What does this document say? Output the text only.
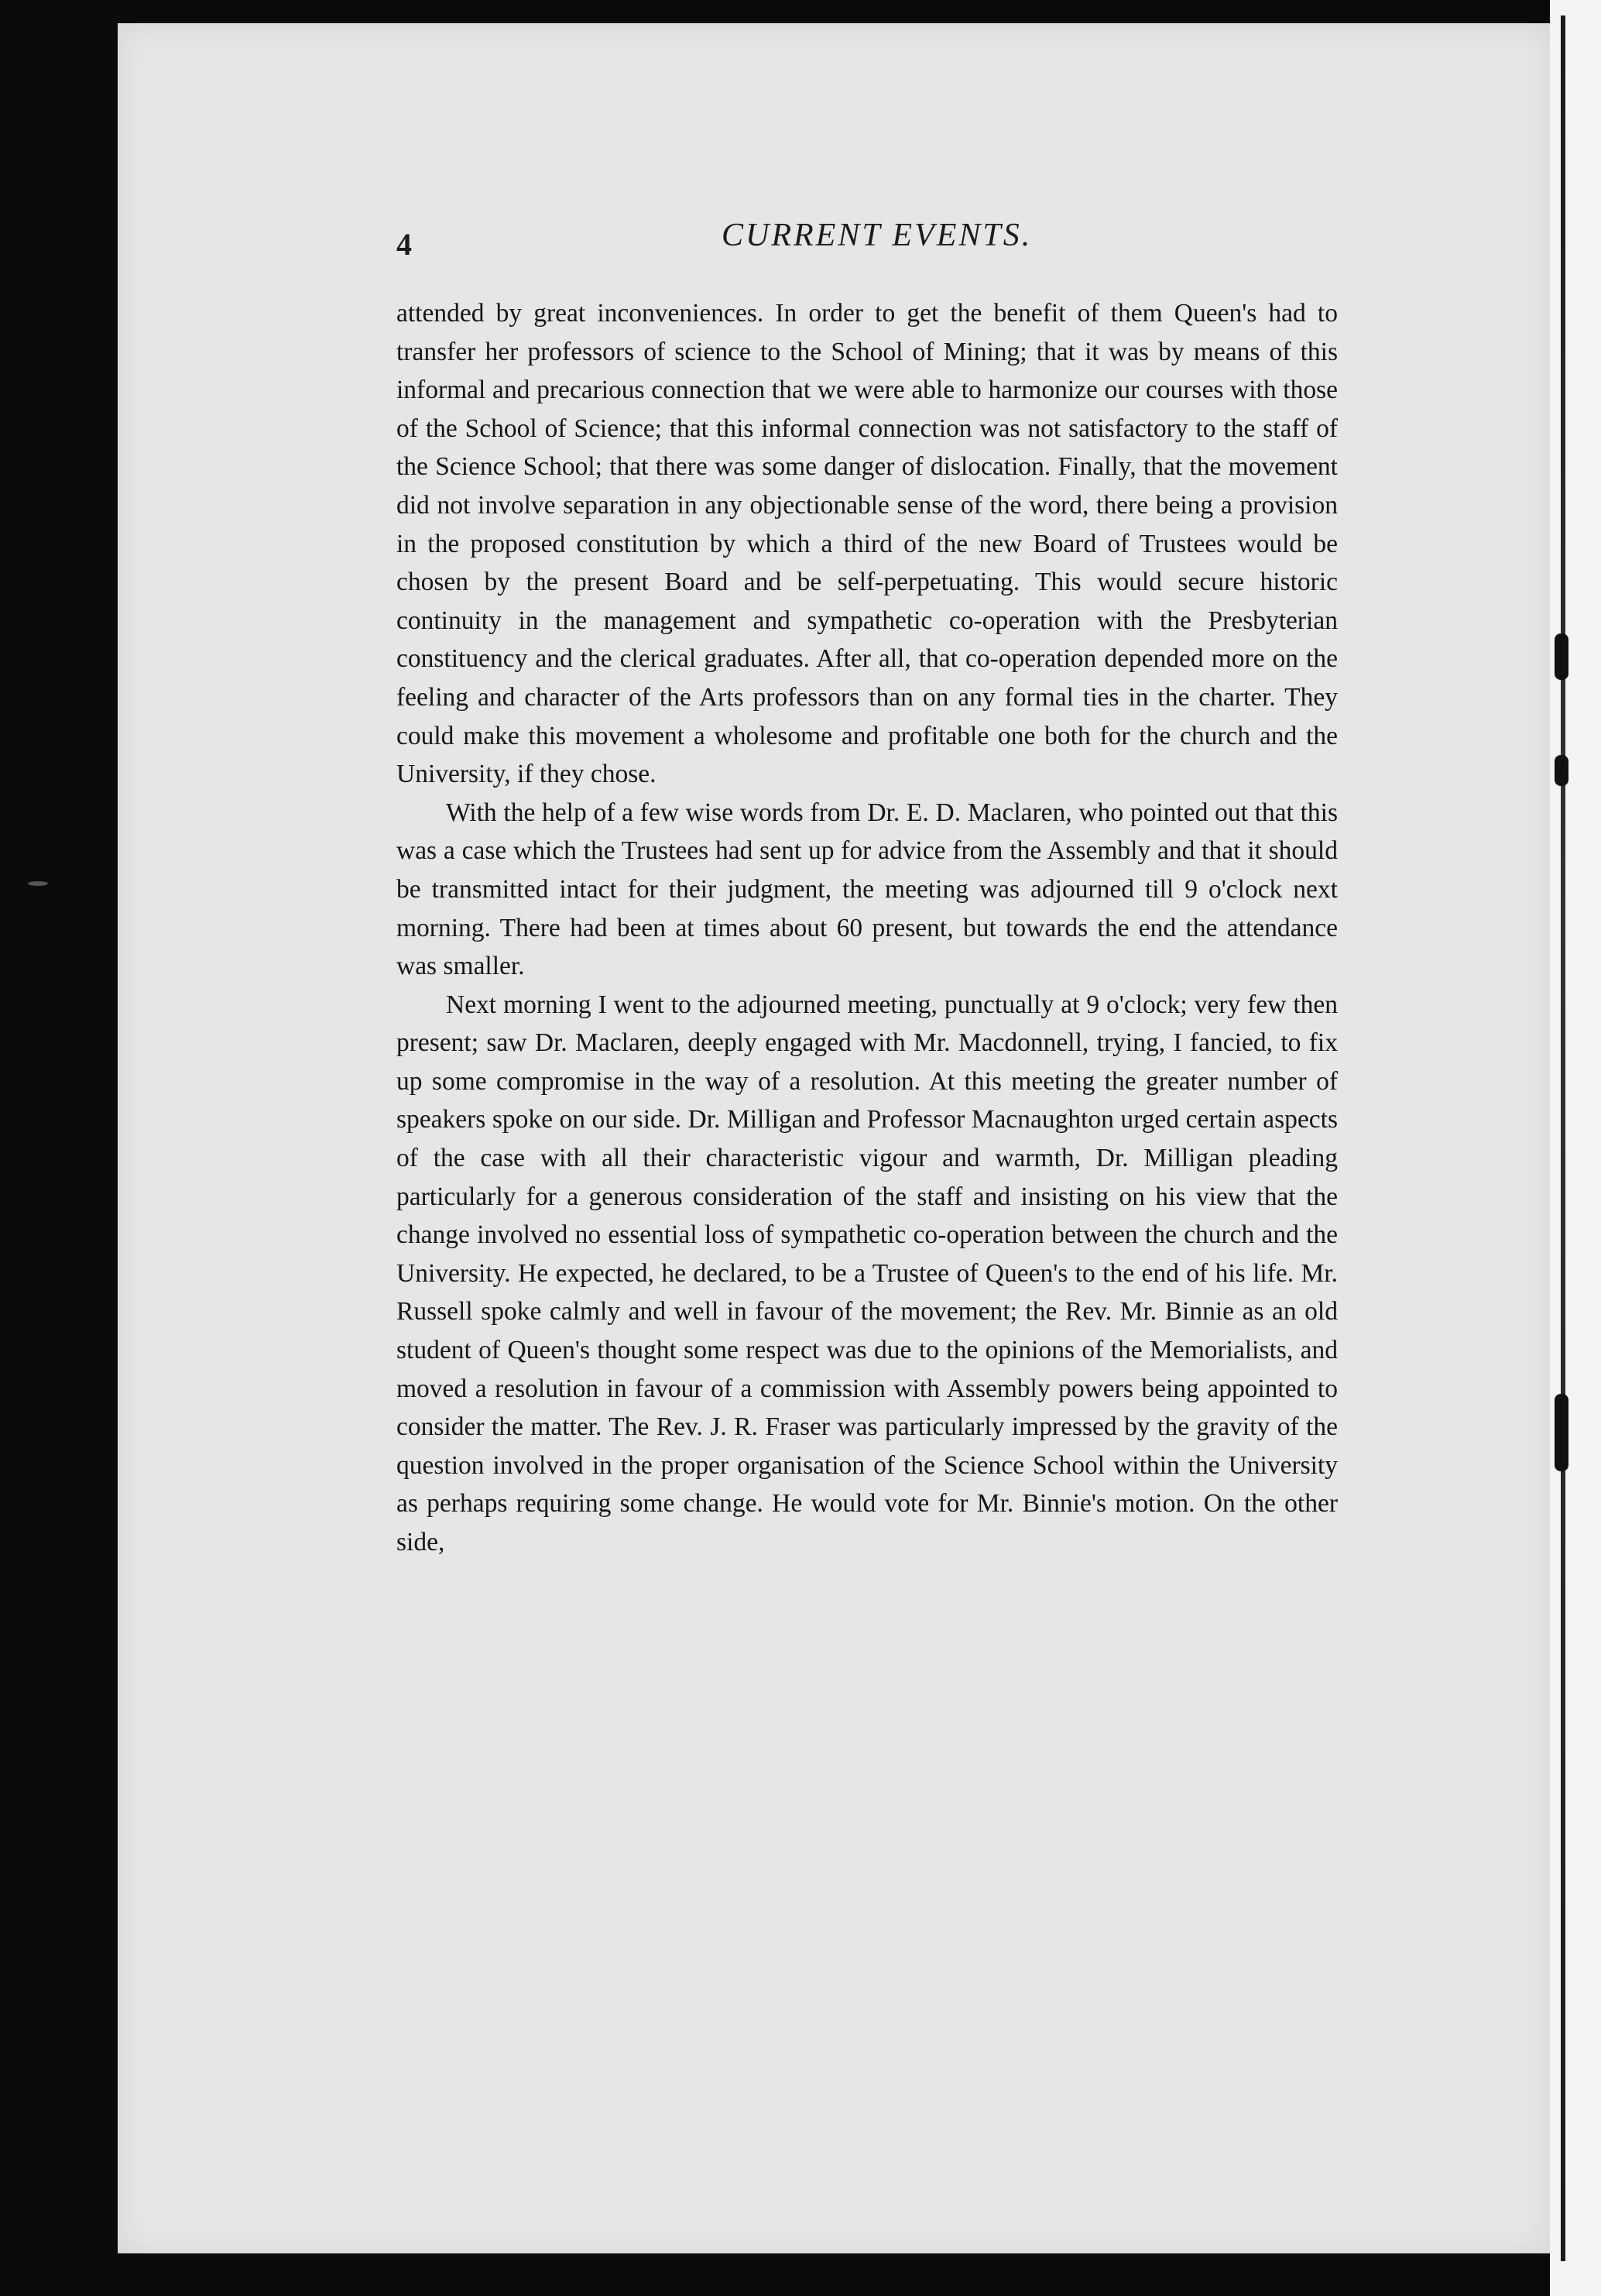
4	CURRENT EVENTS.

attended by great inconveniences. In order to get the benefit of them Queen's had to transfer her professors of science to the School of Mining; that it was by means of this informal and precarious connection that we were able to harmonize our courses with those of the School of Science; that this informal connection was not satisfactory to the staff of the Science School; that there was some danger of dislocation. Finally, that the movement did not involve separation in any objectionable sense of the word, there being a provision in the proposed constitution by which a third of the new Board of Trustees would be chosen by the present Board and be self-perpetuating. This would secure historic continuity in the management and sympathetic co-operation with the Presbyterian constituency and the clerical graduates. After all, that co-operation depended more on the feeling and character of the Arts professors than on any formal ties in the charter. They could make this movement a wholesome and profitable one both for the church and the University, if they chose.

With the help of a few wise words from Dr. E. D. Maclaren, who pointed out that this was a case which the Trustees had sent up for advice from the Assembly and that it should be transmitted intact for their judgment, the meeting was adjourned till 9 o'clock next morning. There had been at times about 60 present, but towards the end the attendance was smaller.

Next morning I went to the adjourned meeting, punctually at 9 o'clock; very few then present; saw Dr. Maclaren, deeply engaged with Mr. Macdonnell, trying, I fancied, to fix up some compromise in the way of a resolution. At this meeting the greater number of speakers spoke on our side. Dr. Milligan and Professor Macnaughton urged certain aspects of the case with all their characteristic vigour and warmth, Dr. Milligan pleading particularly for a generous consideration of the staff and insisting on his view that the change involved no essential loss of sympathetic co-operation between the church and the University. He expected, he declared, to be a Trustee of Queen's to the end of his life. Mr. Russell spoke calmly and well in favour of the movement; the Rev. Mr. Binnie as an old student of Queen's thought some respect was due to the opinions of the Memorialists, and moved a resolution in favour of a commission with Assembly powers being appointed to consider the matter. The Rev. J. R. Fraser was particularly impressed by the gravity of the question involved in the proper organisation of the Science School within the University as perhaps requiring some change. He would vote for Mr. Binnie's motion. On the other side,
